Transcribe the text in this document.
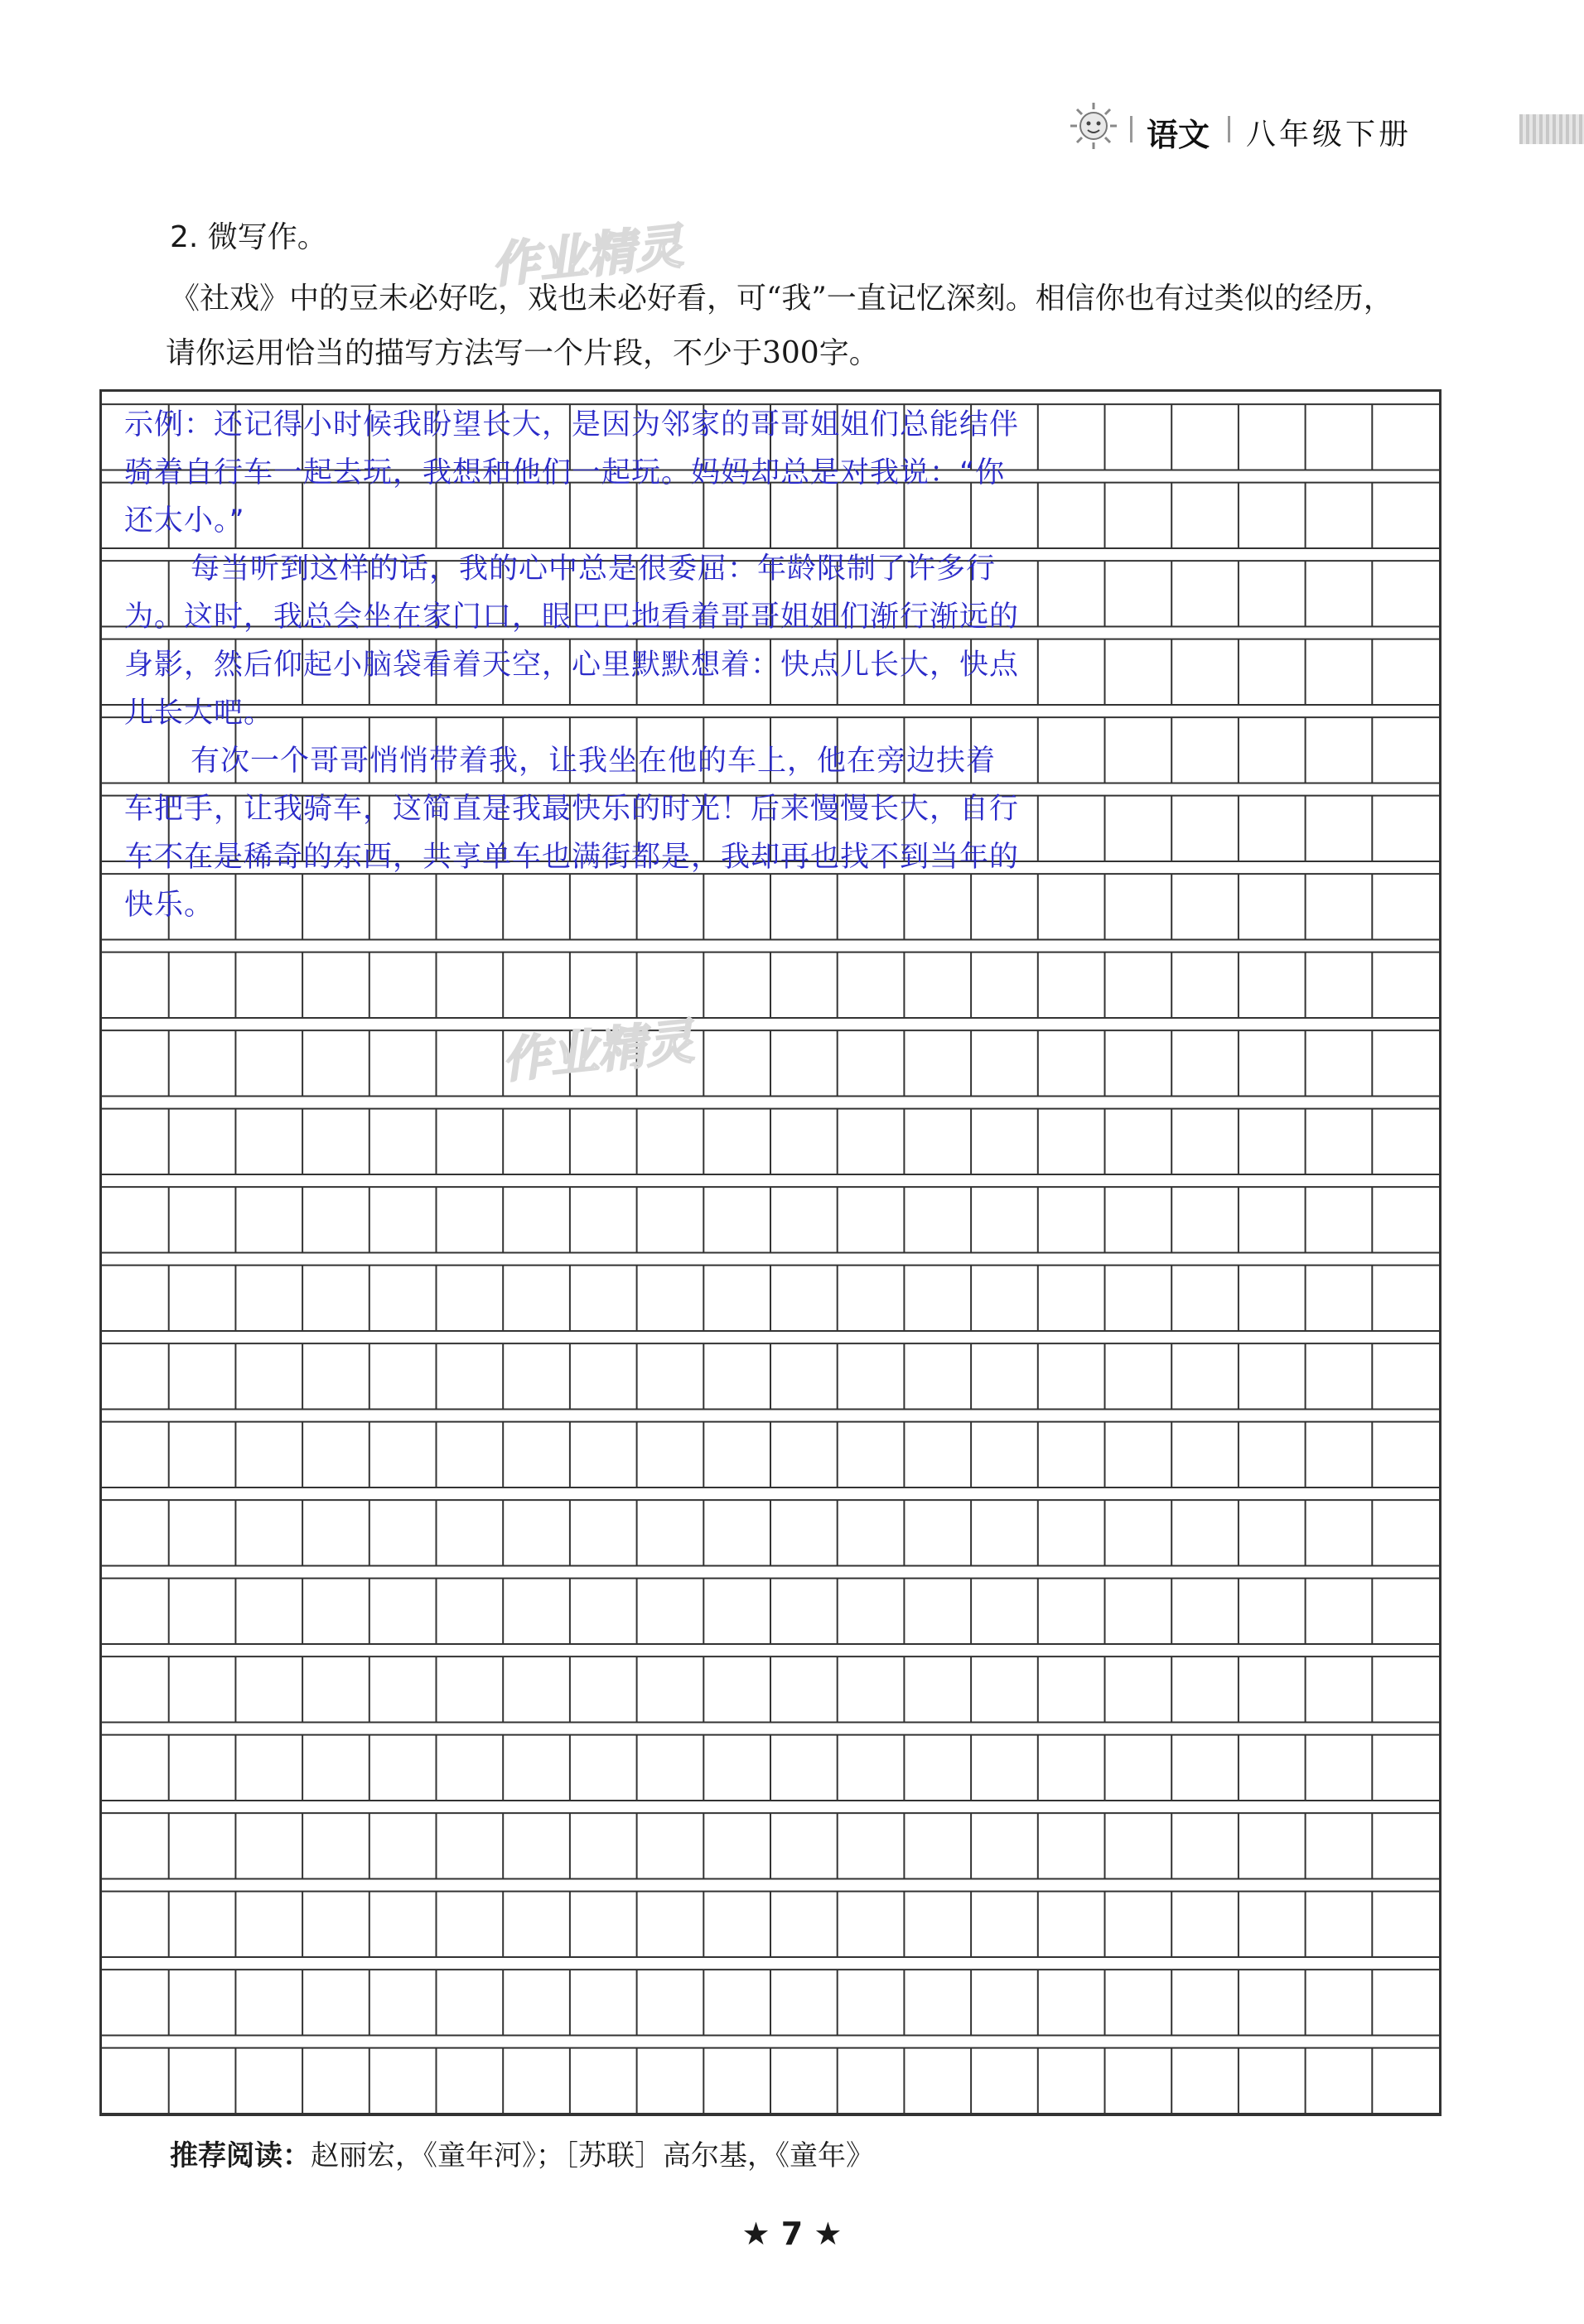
语文 八年级下册
2. 微写作。	作业精灵
《社戏》中的豆未必好吃，戏也未必好看，可“我”一直记忆深刻。相信你也有过类似的经历，
请你运用恰当的描写方法写一个片段，不少于300字。
作业精灵

示例：还记得小时候我盼望长大，是因为邻家的哥哥姐姐们总能结伴骑着自行车一起去玩，我想和他们一起玩。妈妈却总是对我说：“你还太小。”

每当听到这样的话，我的心中总是很委屈：年龄限制了许多行为。这时，我总会坐在家门口，眼巴巴地看着哥哥姐姐们渐行渐远的身影，然后仰起小脑袋看着天空，心里默默想着：快点儿长大，快点儿长大吧。

有次一个哥哥悄悄带着我，让我坐在他的车上，他在旁边扶着车把手，让我骑车，这简直是我最快乐的时光！后来慢慢长大，自行车不在是稀奇的东西，共享单车也满街都是，我却再也找不到当年的快乐。

推荐阅读：赵丽宏，《童年河》；［苏联］高尔基，《童年》
★ 7 ★
